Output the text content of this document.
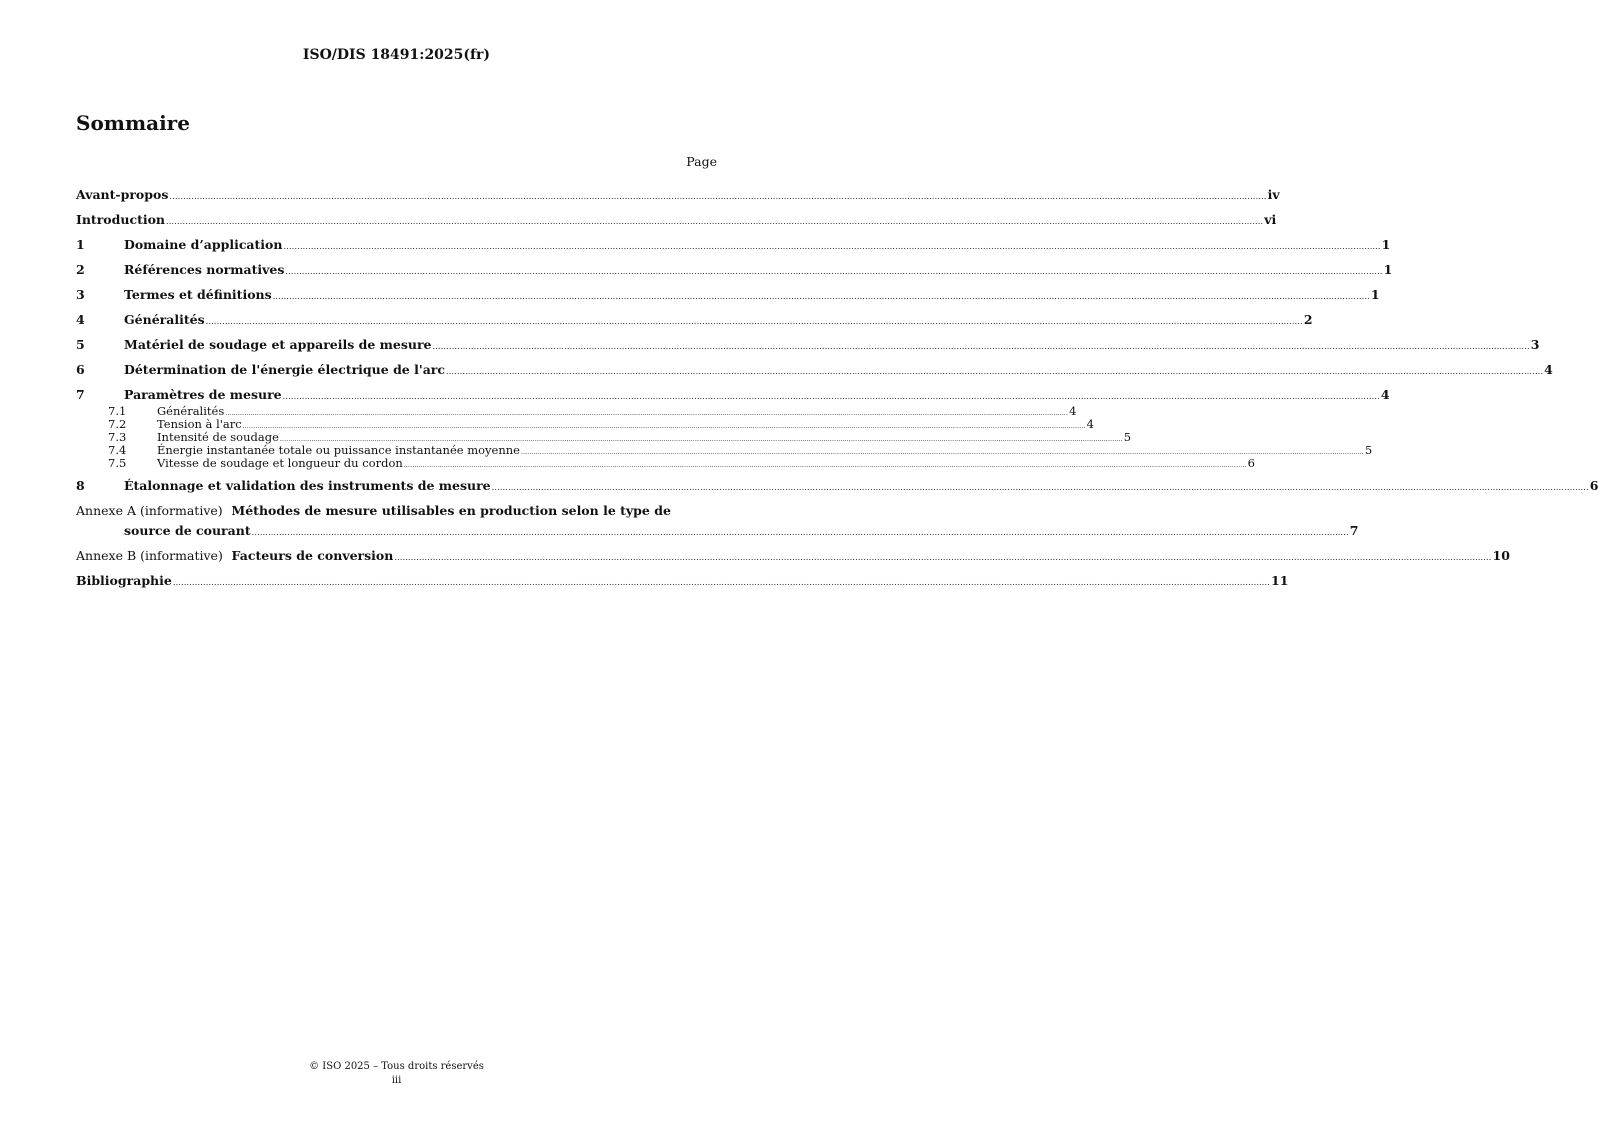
ISO/DIS 18491:2025(fr)
Sommaire
Page
Avant-propos ................................................................................................................................................................................................................................................................................................................................................................................................................ iv
Introduction ................................................................................................................................................................................................................................................................................................................................................................................................................ vi
1	Domaine d’application ................................................................................................................................................................................................................................................................................................................................................................................................................ 1
2	Références normatives ................................................................................................................................................................................................................................................................................................................................................................................................................ 1
3	Termes et définitions ................................................................................................................................................................................................................................................................................................................................................................................................................ 1
4	Généralités ................................................................................................................................................................................................................................................................................................................................................................................................................ 2
5	Matériel de soudage et appareils de mesure ................................................................................................................................................................................................................................................................................................................................................................................................................ 3
6	Détermination de l'énergie électrique de l'arc ................................................................................................................................................................................................................................................................................................................................................................................................................ 4
7	Paramètres de mesure ................................................................................................................................................................................................................................................................................................................................................................................................................ 4
7.1	Généralités ................................................................................................................................................................................................................................................................................................................................................................................................................ 4
7.2	Tension à l'arc ................................................................................................................................................................................................................................................................................................................................................................................................................ 4
7.3	Intensité de soudage ................................................................................................................................................................................................................................................................................................................................................................................................................ 5
7.4	Énergie instantanée totale ou puissance instantanée moyenne ................................................................................................................................................................................................................................................................................................................................................................................................................ 5
7.5	Vitesse de soudage et longueur du cordon ................................................................................................................................................................................................................................................................................................................................................................................................................ 6
8	Étalonnage et validation des instruments de mesure ................................................................................................................................................................................................................................................................................................................................................................................................................ 6
Annexe A (informative) Méthodes de mesure utilisables en production selon le type de
source de courant ................................................................................................................................................................................................................................................................................................................................................................................................................ 7
Annexe B (informative) Facteurs de conversion ................................................................................................................................................................................................................................................................................................................................................................................................................ 10
Bibliographie ................................................................................................................................................................................................................................................................................................................................................................................................................ 11
© ISO 2025 – Tous droits réservés
iii
